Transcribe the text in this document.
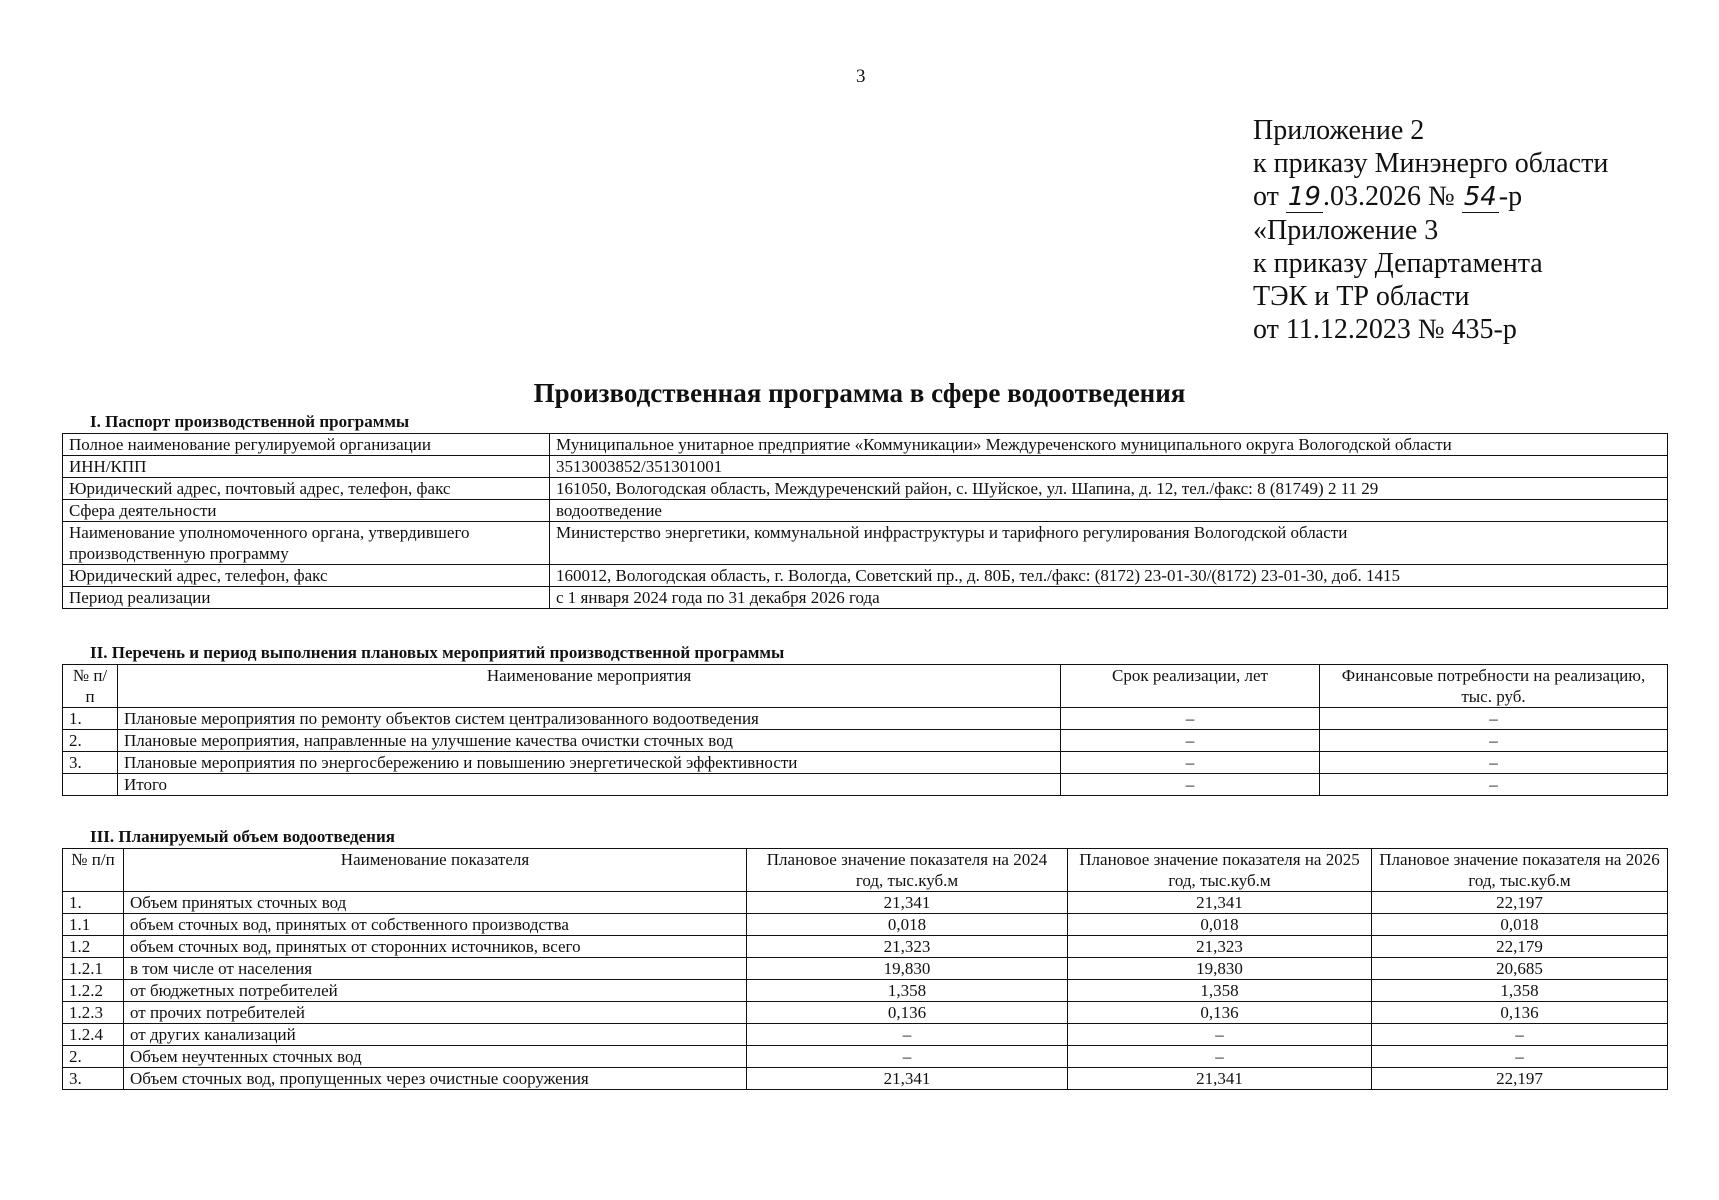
3
Приложение 2
к приказу Минэнерго области
от 19.03.2026 № 54-р
«Приложение 3
к приказу Департамента
ТЭК и ТР области
от 11.12.2023 № 435-р
Производственная программа в сфере водоотведения
I. Паспорт производственной программы
Полное наименование регулируемой организации	Муниципальное унитарное предприятие «Коммуникации» Междуреченского муниципального округа Вологодской области
ИНН/КПП	3513003852/351301001
Юридический адрес, почтовый адрес, телефон, факс	161050, Вологодская область, Междуреченский район, с. Шуйское, ул. Шапина, д. 12, тел./факс: 8 (81749) 2 11 29
Сфера деятельности	водоотведение
Наименование уполномоченного органа, утвердившего производственную программу	Министерство энергетики, коммунальной инфраструктуры и тарифного регулирования Вологодской области
Юридический адрес, телефон, факс	160012, Вологодская область, г. Вологда, Советский пр., д. 80Б, тел./факс: (8172) 23-01-30/(8172) 23-01-30, доб. 1415
Период реализации	с 1 января 2024 года по 31 декабря 2026 года
II. Перечень и период выполнения плановых мероприятий производственной программы
№ п/п	Наименование мероприятия	Срок реализации, лет	Финансовые потребности на реализацию, тыс. руб.
1.	Плановые мероприятия по ремонту объектов систем централизованного водоотведения	–	–
2.	Плановые мероприятия, направленные на улучшение качества очистки сточных вод	–	–
3.	Плановые мероприятия по энергосбережению и повышению энергетической эффективности	–	–
	Итого	–	–
III. Планируемый объем водоотведения
№ п/п	Наименование показателя	Плановое значение показателя на 2024 год, тыс.куб.м	Плановое значение показателя на 2025 год, тыс.куб.м	Плановое значение показателя на 2026 год, тыс.куб.м
1.	Объем принятых сточных вод	21,341	21,341	22,197
1.1	объем сточных вод, принятых от собственного производства	0,018	0,018	0,018
1.2	объем сточных вод, принятых от сторонних источников, всего	21,323	21,323	22,179
1.2.1	в том числе от населения	19,830	19,830	20,685
1.2.2	от бюджетных потребителей	1,358	1,358	1,358
1.2.3	от прочих потребителей	0,136	0,136	0,136
1.2.4	от других канализаций	–	–	–
2.	Объем неучтенных сточных вод	–	–	–
3.	Объем сточных вод, пропущенных через очистные сооружения	21,341	21,341	22,197
